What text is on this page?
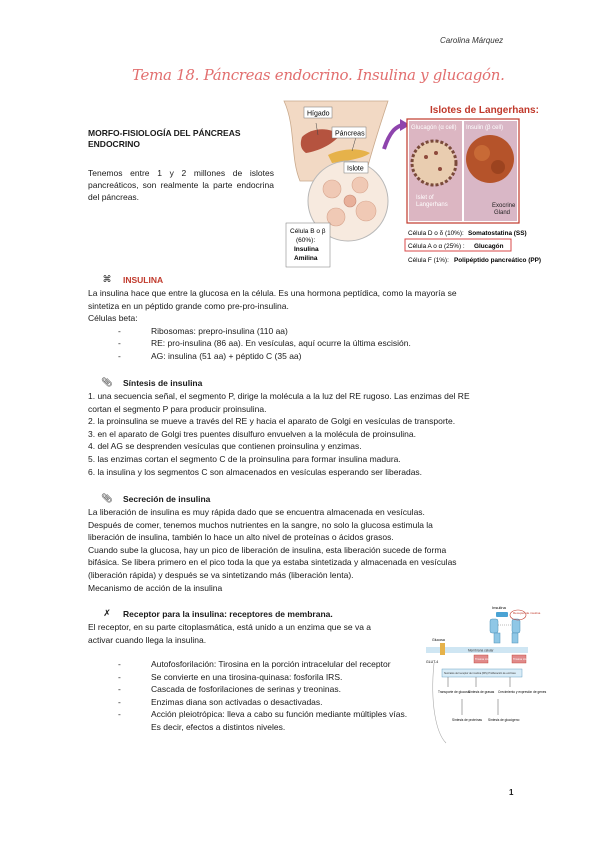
Carolina Márquez
Tema 18. Páncreas endocrino. Insulina y glucagón.
MORFO-FISIOLOGÍA DEL PÁNCREAS ENDOCRINO
Tenemos entre 1 y 2 millones de islotes pancreáticos, son realmente la parte endocrina del páncreas.
Hígado
Páncreas
Islote
Célula B o β
(60%):
Insulina
Amilina
Islotes de Langerhans:
Glucagón (α cell) Insulin (β cell)
Islet of
Langerhans	Exocrine
Gland
Célula D o δ (10%): Somatostatina (SS)
Célula A o α (25%) : Glucagón
Célula F (1%): Polipéptido pancreático (PP)
⌘ INSULINA
La insulina hace que entre la glucosa en la célula. Es una hormona peptídica, como la mayoría se
sintetiza en un péptido grande como pre-pro-insulina.
Células beta:
- Ribosomas: prepro-insulina (110 aa)
- RE: pro-insulina (86 aa). En vesículas, aquí ocurre la última escisión.
- AG: insulina (51 aa) + péptido C (35 aa)
📎︎ Síntesis de insulina
1. una secuencia señal, el segmento P, dirige la molécula a la luz del RE rugoso. Las enzimas del RE
cortan el segmento P para producir proinsulina.
2. la proinsulina se mueve a través del RE y hacia el aparato de Golgi en vesículas de transporte.
3. en el aparato de Golgi tres puentes disulfuro envuelven a la molécula de proinsulina.
4. del AG se desprenden vesículas que contienen proinsulina y enzimas.
5. las enzimas cortan el segmento C de la proinsulina para formar insulina madura.
6. la insulina y los segmentos C son almacenados en vesículas esperando ser liberadas.
📎︎ Secreción de insulina
La liberación de insulina es muy rápida dado que se encuentra almacenada en vesículas.
Después de comer, tenemos muchos nutrientes en la sangre, no solo la glucosa estimula la
liberación de insulina, también lo hace un alto nivel de proteínas o ácidos grasos.
Cuando sube la glucosa, hay un pico de liberación de insulina, esta liberación sucede de forma
bifásica. Se libera primero en el pico toda la que ya estaba sintetizada y almacenada en vesículas
(liberación rápida) y después se va sintetizando más (liberación lenta).
Mecanismo de acción de la insulina
✗ Receptor para la insulina: receptores de membrana.
El receptor, en su parte citoplasmática, está unido a un enzima que se va a
activar cuando llega la insulina.
- Autofosforilación: Tirosina en la porción intracelular del receptor
- Se convierte en una tirosina-quinasa: fosforila IRS.
- Cascada de fosforilaciones de serinas y treoninas.
- Enzimas diana son activadas o desactivadas.
- Acción pleiotrópica: lleva a cabo su función mediante múltiples vías. Es decir, efectos a distintos niveles.
Insulina
Receptor de insulina
Membrana celular
Glucosa
GLUT-4
Tirosina cinasa	Tirosina cinasa
Sustratos del receptor de insulina (IRS) Proliferación de enzimas
Transporte de glucosa
Síntesis de grasas Crecimiento y expresión de genes
Síntesis de proteínas Síntesis de glucógeno
1
